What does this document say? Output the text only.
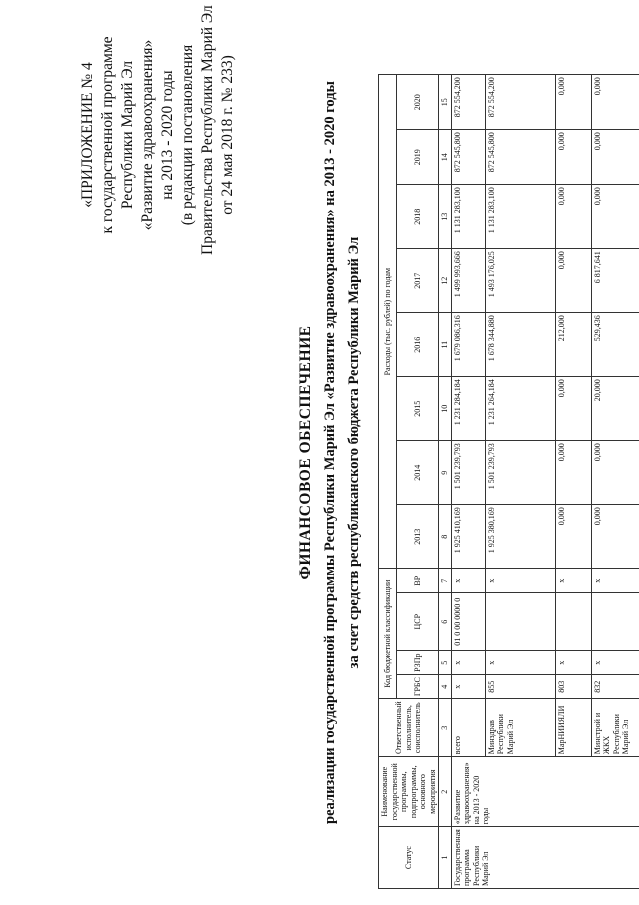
«ПРИЛОЖЕНИЕ № 4 к государственной программе Республики Марий Эл «Развитие здравоохранения» на 2013 - 2020 годы (в редакции постановления Правительства Республики Марий Эл от 24 мая 2018 г. № 233)
ФИНАНСОВОЕ ОБЕСПЕЧЕНИЕ реализации государственной программы Республики Марий Эл «Развитие здравоохранения» на 2013 - 2020 годы за счет средств республиканского бюджета Республики Марий Эл
Статус	Наименование государственной программы, подпрограммы, основного мероприятия	Ответственный исполнитель, соисполнитель	Код бюджетной классификации				Расходы (тыс. рублей) по годам							
			ГРБС	РЗПр	ЦСР	ВР	2013	2014	2015	2016	2017	2018	2019	2020
1	2	3	4	5	6	7	8	9	10	11	12	13	14	15
Государственная программа Республики Марий Эл	«Развитие здравоохранения» на 2013 - 2020 годы	всего	х	х	01 0 00 0000 0	х	1 925 410,169	1 501 239,793	1 231 284,184	1 679 086,316	1 499 993,666	1 131 283,100	872 545,800	872 554,200
		Минздрав Республики Марий Эл	855	х		х	1 925 380,169	1 501 239,793	1 231 264,184	1 678 344,880	1 493 176,025	1 131 283,100	872 545,800	872 554,200
		МарНИИЯЛИ	803	х		х	0,000	0,000	0,000	212,000	0,000	0,000	0,000	0,000
		Минстрой и ЖКХ Республики Марий Эл	832	х		х	0,000	0,000	20,000	529,436	6 817,641	0,000	0,000	0,000
